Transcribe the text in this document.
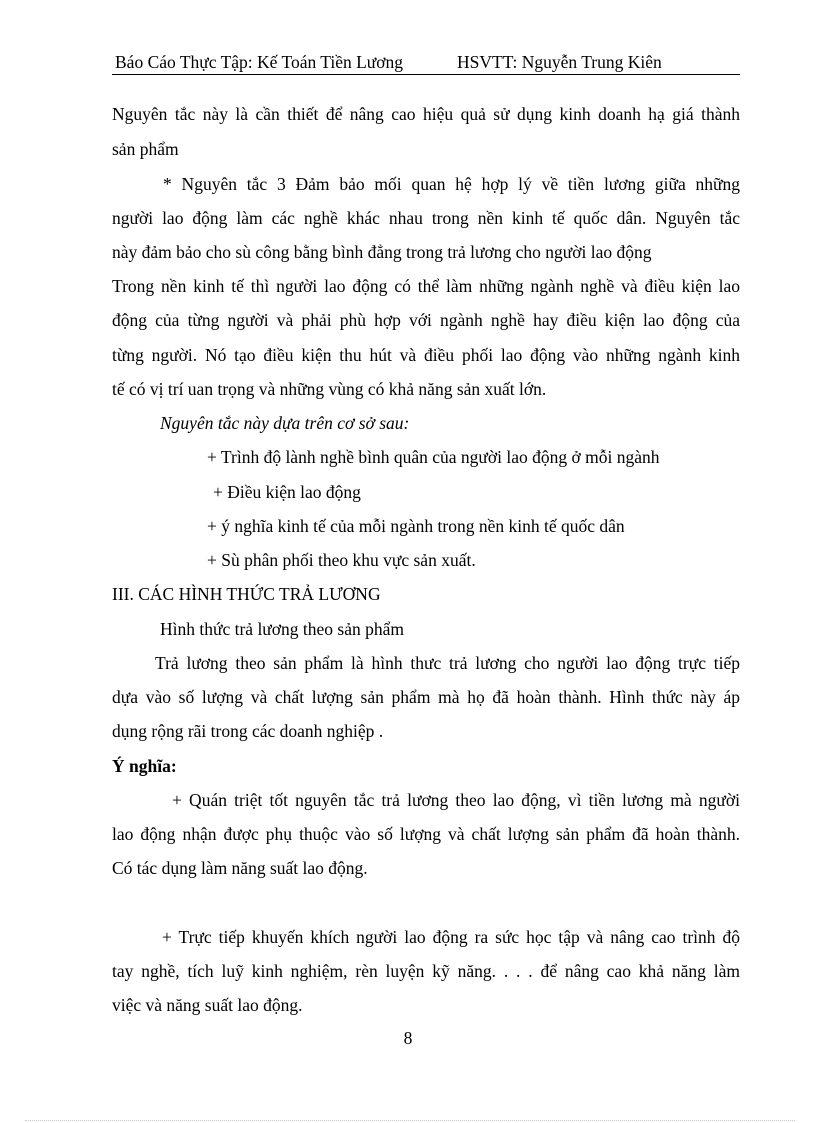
Báo Cáo Thực Tập: Kế Toán Tiền Lương	HSVTT: Nguyễn Trung Kiên
Nguyên tắc này là cần thiết để nâng cao hiệu quả sử dụng kinh doanh hạ giá thành
sản phẩm
* Nguyên tắc 3 Đảm bảo mối quan hệ hợp lý về tiền lương giữa những
người lao động làm các nghề khác nhau trong nền kinh tế quốc dân. Nguyên tắc
này đảm bảo cho sù công bằng bình đẳng trong trả lương cho người lao động
Trong nền kinh tế thì người lao động có thể làm những ngành nghề và điều kiện lao
động của từng người và phải phù hợp với ngành nghề hay điều kiện lao động của
từng người. Nó tạo điều kiện thu hút và điều phối lao động vào những ngành kinh
tế có vị trí uan trọng và những vùng có khả năng sản xuất lớn.
Nguyên tắc này dựa trên cơ sở sau:
+ Trình độ lành nghề bình quân của người lao động ở mỗi ngành
+ Điều kiện lao động
+ ý nghĩa kinh tế của mỗi ngành trong nền kinh tế quốc dân
+ Sù phân phối theo khu vực sản xuất.
III. CÁC HÌNH THỨC TRẢ LƯƠNG
Hình thức trả lương theo sản phẩm
Trả lương theo sản phẩm là hình thưc trả lương cho người lao động trực tiếp
dựa vào số lượng và chất lượng sản phẩm mà họ đã hoàn thành. Hình thức này áp
dụng rộng rãi trong các doanh nghiệp .
Ý nghĩa:
+ Quán triệt tốt nguyên tắc trả lương theo lao động, vì tiền lương mà người
lao động nhận được phụ thuộc vào số lượng và chất lượng sản phẩm đã hoàn thành.
Có tác dụng làm năng suất lao động.
+ Trực tiếp khuyến khích người lao động ra sức học tập và nâng cao trình độ
tay nghề, tích luỹ kinh nghiệm, rèn luyện kỹ năng. . . . để nâng cao khả năng làm
việc và năng suất lao động.
8
